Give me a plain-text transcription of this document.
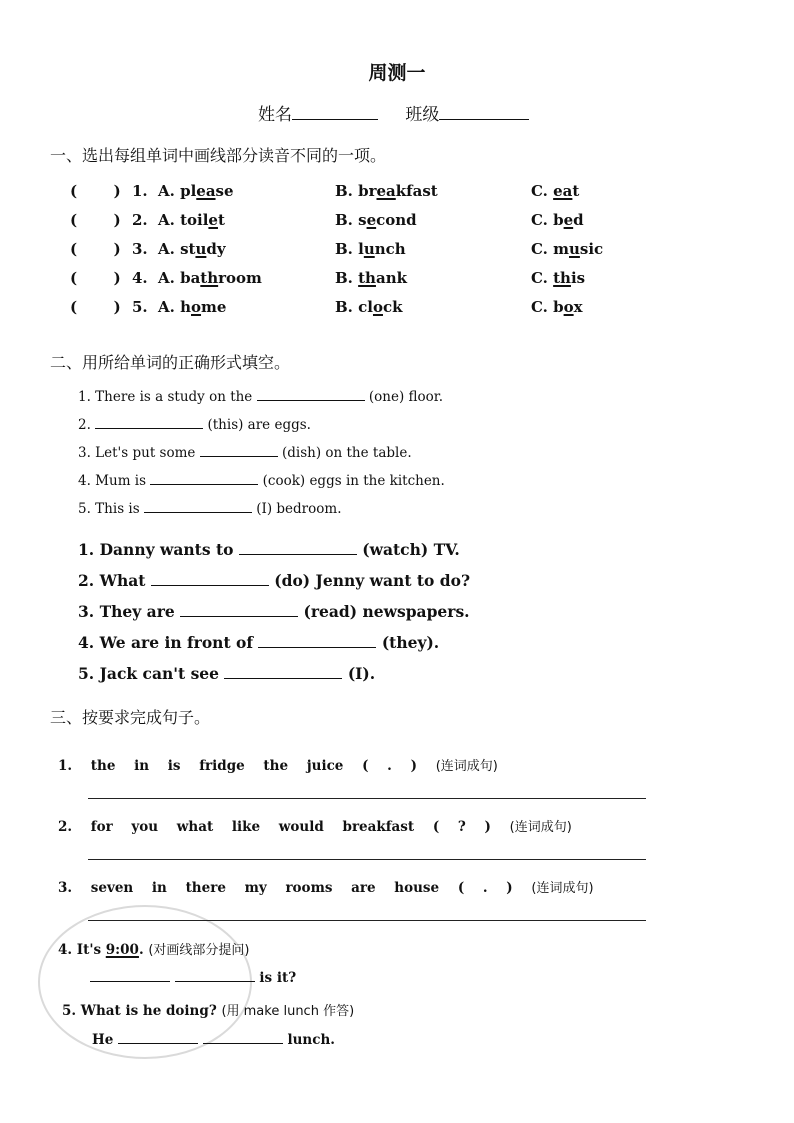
周测一
姓名	班级
一、选出每组单词中画线部分读音不同的一项。
(       ) 1. A. please	B. breakfast	C. eat
(       ) 2. A. toilet	B. second	C. bed
(       ) 3. A. study	B. lunch	C. music
(       ) 4. A. bathroom	B. thank	C. this
(       ) 5. A. home	B. clock	C. box
二、用所给单词的正确形式填空。
1. There is a study on the	(one) floor.
2.	(this) are eggs.
3. Let's put some	(dish) on the table.
4. Mum is	(cook) eggs in the kitchen.
5. This is	(I) bedroom.
1. Danny wants to	(watch) TV.
2. What	(do) Jenny want to do?
3. They are	(read) newspapers.
4. We are in front of	(they).
5. Jack can't see	(I).
三、按要求完成句子。
1. the in is fridge the juice ( . ) (连词成句)
2. for you what like would breakfast ( ? ) (连词成句)
3. seven in there my rooms are house ( . ) (连词成句)
4. It's 9:00. (对画线部分提问)
is it?
5. What is he doing? (用 make lunch 作答)
He	lunch.
